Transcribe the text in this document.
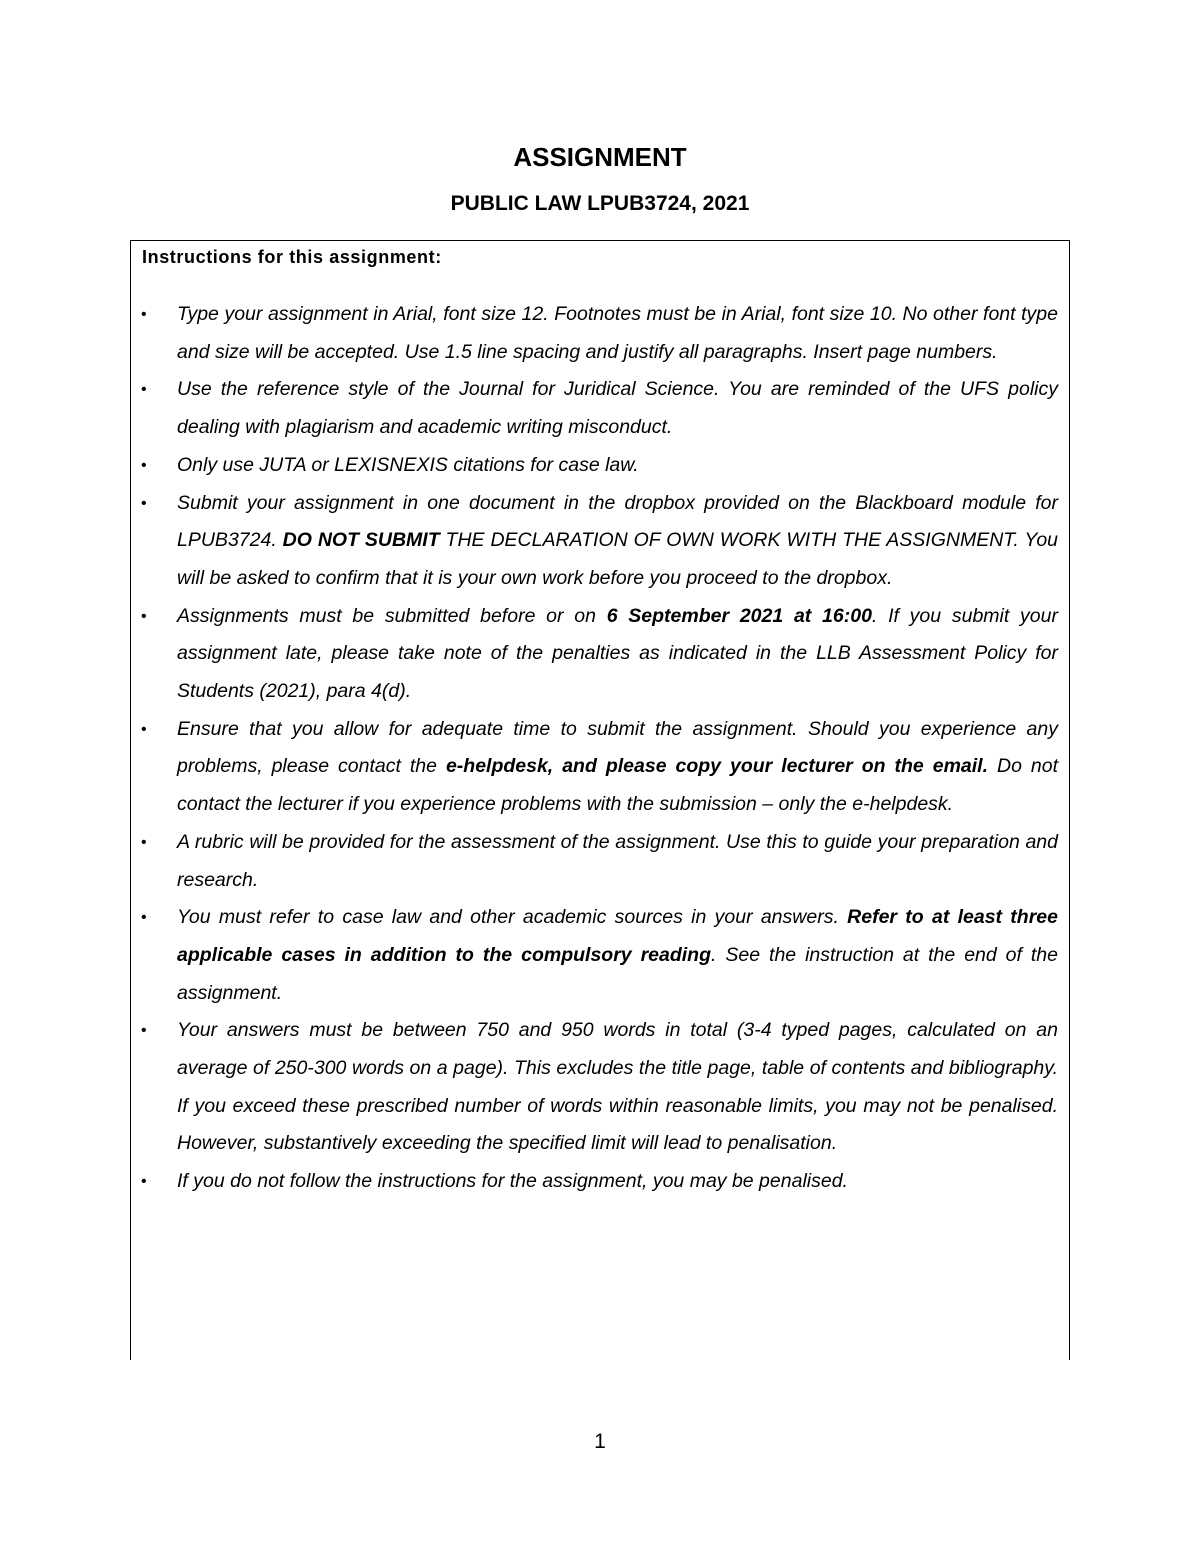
ASSIGNMENT
PUBLIC LAW LPUB3724, 2021
Instructions for this assignment:
• Type your assignment in Arial, font size 12. Footnotes must be in Arial, font size 10. No other font type and size will be accepted. Use 1.5 line spacing and justify all paragraphs. Insert page numbers.
• Use the reference style of the Journal for Juridical Science. You are reminded of the UFS policy dealing with plagiarism and academic writing misconduct.
• Only use JUTA or LEXISNEXIS citations for case law.
• Submit your assignment in one document in the dropbox provided on the Blackboard module for LPUB3724. DO NOT SUBMIT THE DECLARATION OF OWN WORK WITH THE ASSIGNMENT. You will be asked to confirm that it is your own work before you proceed to the dropbox.
• Assignments must be submitted before or on 6 September 2021 at 16:00. If you submit your assignment late, please take note of the penalties as indicated in the LLB Assessment Policy for Students (2021), para 4(d).
• Ensure that you allow for adequate time to submit the assignment. Should you experience any problems, please contact the e-helpdesk, and please copy your lecturer on the email. Do not contact the lecturer if you experience problems with the submission – only the e-helpdesk.
• A rubric will be provided for the assessment of the assignment. Use this to guide your preparation and research.
• You must refer to case law and other academic sources in your answers. Refer to at least three applicable cases in addition to the compulsory reading. See the instruction at the end of the assignment.
• Your answers must be between 750 and 950 words in total (3-4 typed pages, calculated on an average of 250-300 words on a page). This excludes the title page, table of contents and bibliography. If you exceed these prescribed number of words within reasonable limits, you may not be penalised. However, substantively exceeding the specified limit will lead to penalisation.
• If you do not follow the instructions for the assignment, you may be penalised.
1
